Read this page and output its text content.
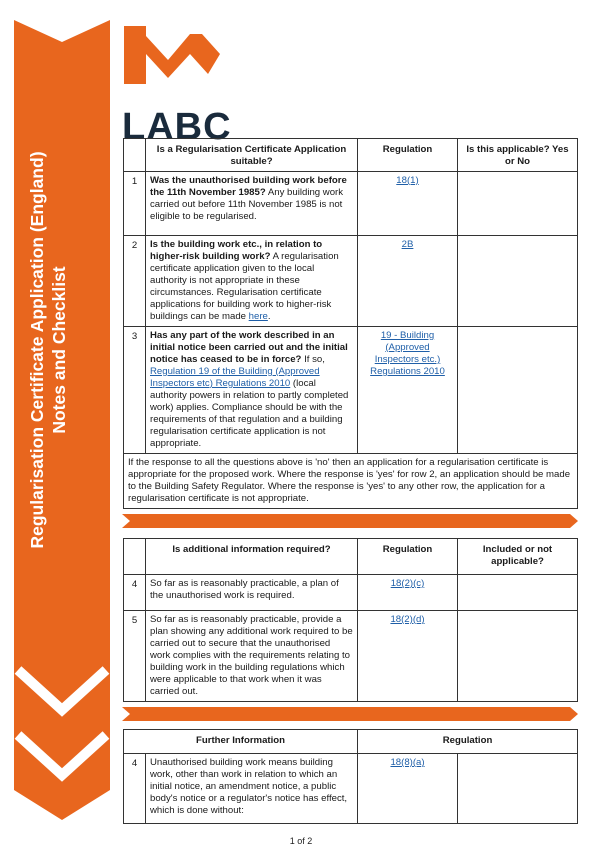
Regularisation Certificate Application (England) Notes and Checklist
LABC
	Is a Regularisation Certificate Application suitable?	Regulation	Is this applicable? Yes or No
1	Was the unauthorised building work before the 11th November 1985? Any building work carried out before 11th November 1985 is not eligible to be regularised.	18(1)	
2	Is the building work etc., in relation to higher-risk building work? A regularisation certificate application given to the local authority is not appropriate in these circumstances. Regularisation certificate applications for building work to higher-risk buildings can be made here.	2B	
3	Has any part of the work described in an initial notice been carried out and the initial notice has ceased to be in force? If so, Regulation 19 of the Building (Approved Inspectors etc) Regulations 2010 (local authority powers in relation to partly completed work) applies. Compliance should be with the requirements of that regulation and a building regularisation certificate application is not appropriate.	19 - Building (Approved Inspectors etc.) Regulations 2010	
If the response to all the questions above is 'no' then an application for a regularisation certificate is appropriate for the proposed work. Where the response is 'yes' for row 2, an application should be made to the Building Safety Regulator. Where the response is 'yes' to any other row, the application for a regularisation certificate is not appropriate.			
	Is additional information required?	Regulation	Included or not applicable?
4	So far as is reasonably practicable, a plan of the unauthorised work is required.	18(2)(c)	
5	So far as is reasonably practicable, provide a plan showing any additional work required to be carried out to secure that the unauthorised work complies with the requirements relating to building work in the building regulations which were applicable to that work when it was carried out.	18(2)(d)	
Further Information		Regulation	
4	Unauthorised building work means building work, other than work in relation to which an initial notice, an amendment notice, a public body's notice or a regulator's notice has effect, which is done without:	18(8)(a)	
1 of 2
